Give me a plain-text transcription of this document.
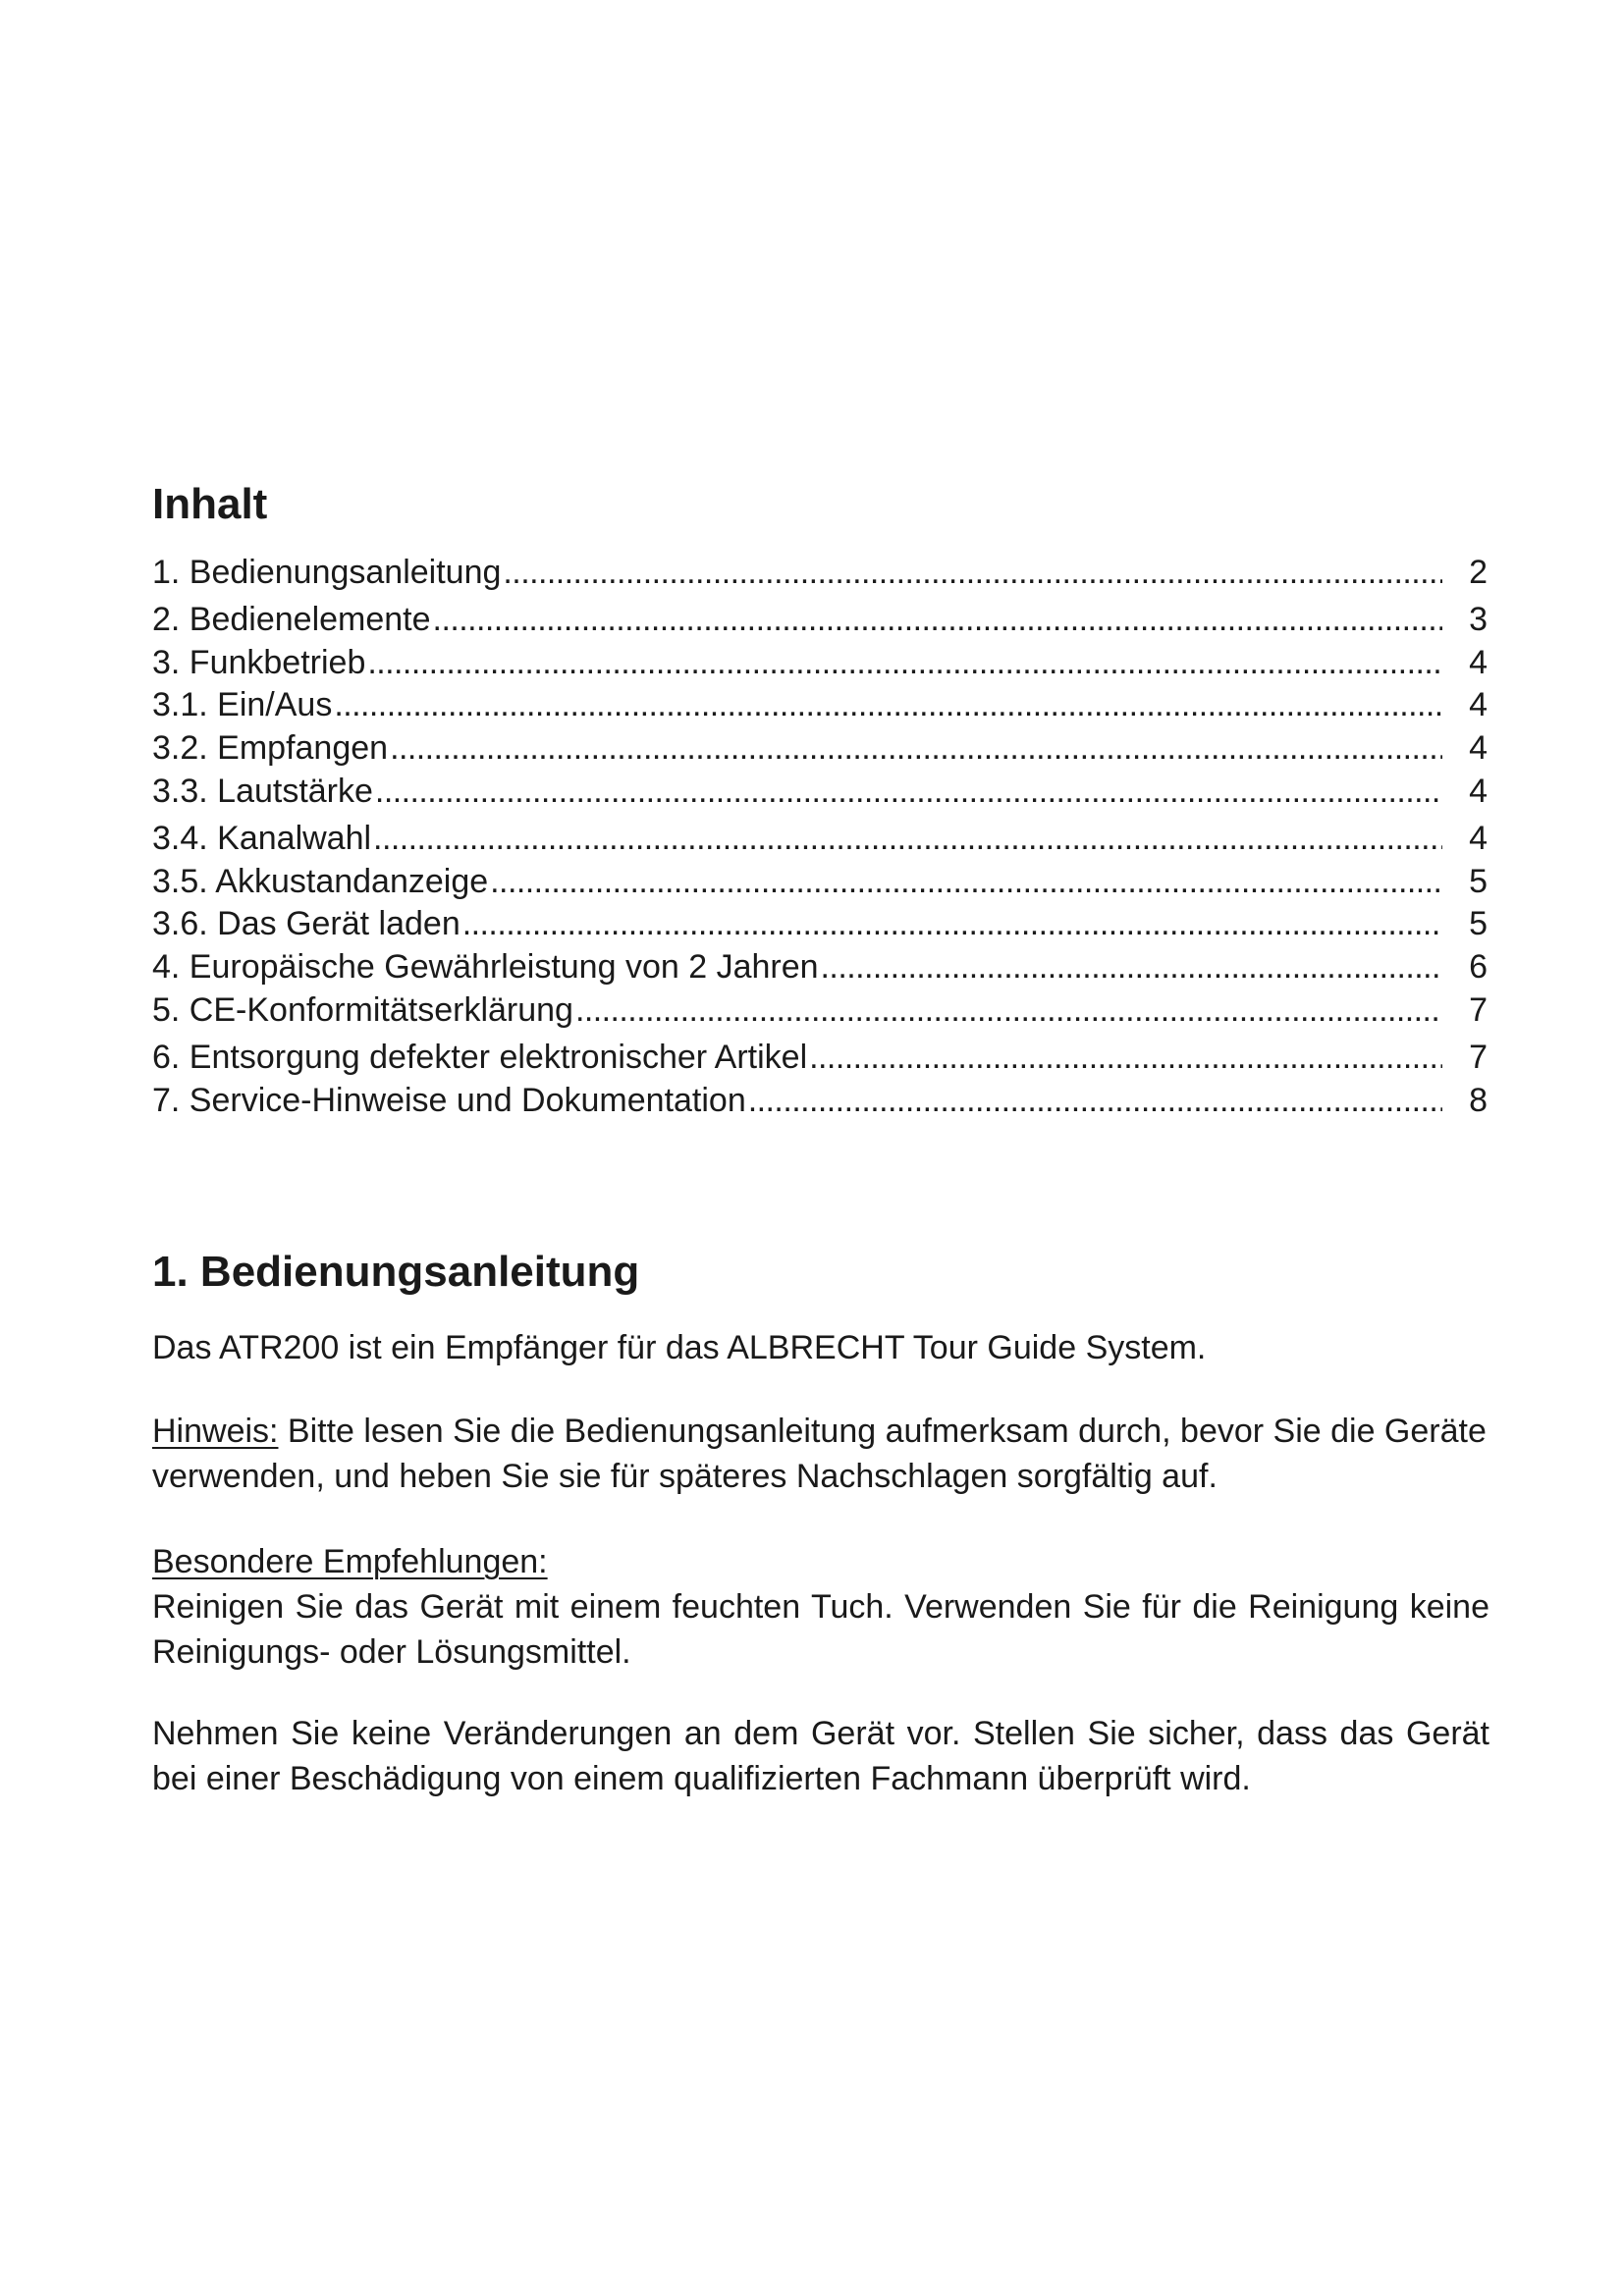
Inhalt
1. Bedienungsanleitung . . .	2
2. Bedienelemente . . .	3
3. Funkbetrieb . . .	4
3.1. Ein/Aus . . .	4
3.2. Empfangen . . .	4
3.3. Lautstärke . . .	4
3.4. Kanalwahl . . .	4
3.5. Akkustandanzeige . . .	5
3.6. Das Gerät laden . . .	5
4. Europäische Gewährleistung von 2 Jahren . . .	6
5. CE-Konformitätserklärung . . .	7
6. Entsorgung defekter elektronischer Artikel . . .	7
7. Service-Hinweise und Dokumentation . . .	8
1. Bedienungsanleitung

Das ATR200 ist ein Empfänger für das ALBRECHT Tour Guide System.

Hinweis: Bitte lesen Sie die Bedienungsanleitung aufmerksam durch, bevor Sie die Geräte verwenden, und heben Sie sie für späteres Nachschlagen sorgfältig auf.

Besondere Empfehlungen:
Reinigen Sie das Gerät mit einem feuchten Tuch. Verwenden Sie für die Reinigung keine Reinigungs- oder Lösungsmittel.

Nehmen Sie keine Veränderungen an dem Gerät vor. Stellen Sie sicher, dass das Gerät bei einer Beschädigung von einem qualifizierten Fachmann überprüft wird.
